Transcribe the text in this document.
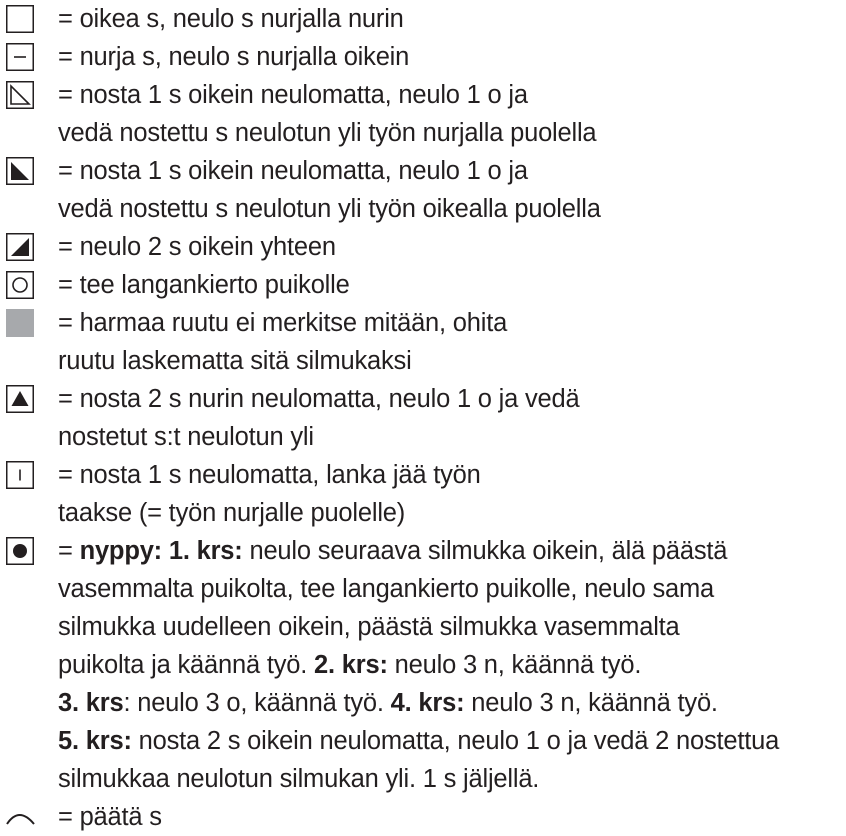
= oikea s, neulo s nurjalla nurin
= nurja s, neulo s nurjalla oikein
= nosta 1 s oikein neulomatta, neulo 1 o ja
vedä nostettu s neulotun yli työn nurjalla puolella
= nosta 1 s oikein neulomatta, neulo 1 o ja
vedä nostettu s neulotun yli työn oikealla puolella
= neulo 2 s oikein yhteen
= tee langankierto puikolle
= harmaa ruutu ei merkitse mitään, ohita
ruutu laskematta sitä silmukaksi
= nosta 2 s nurin neulomatta, neulo 1 o ja vedä
nostetut s:t neulotun yli
= nosta 1 s neulomatta, lanka jää työn
taakse (= työn nurjalle puolelle)
= nyppy: 1. krs: neulo seuraava silmukka oikein, älä päästä
vasemmalta puikolta, tee langankierto puikolle, neulo sama
silmukka uudelleen oikein, päästä silmukka vasemmalta
puikolta ja käännä työ. 2. krs: neulo 3 n, käännä työ.
3. krs: neulo 3 o, käännä työ. 4. krs: neulo 3 n, käännä työ.
5. krs: nosta 2 s oikein neulomatta, neulo 1 o ja vedä 2 nostettua
silmukkaa neulotun silmukan yli. 1 s jäljellä.
= päätä s
